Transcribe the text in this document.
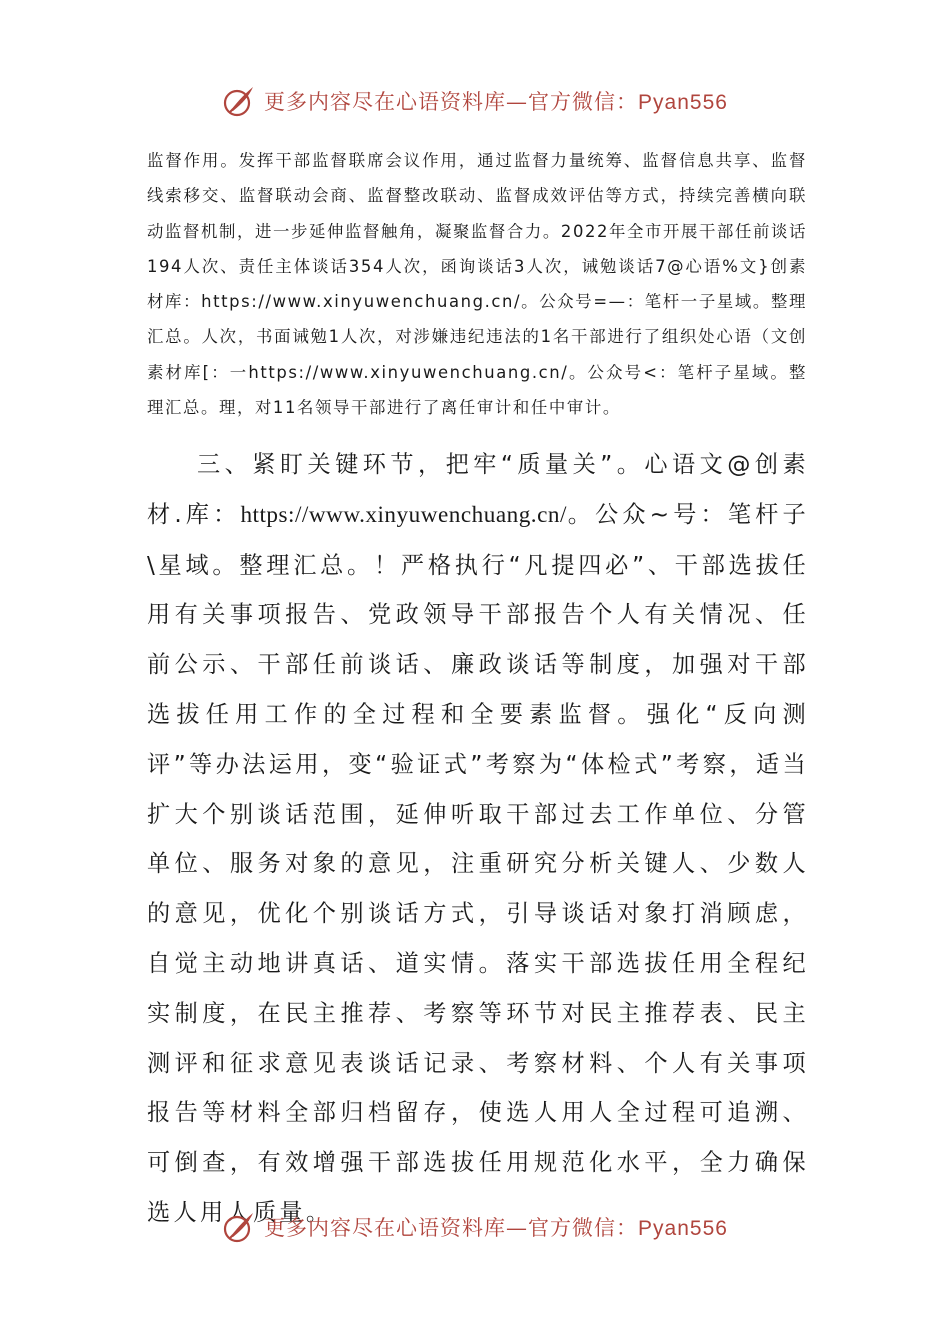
更多内容尽在心语资料库—官方微信：Pyan556

监督作用。发挥干部监督联席会议作用，通过监督力量统筹、监督信息共享、监督线索移交、监督联动会商、监督整改联动、监督成效评估等方式，持续完善横向联动监督机制，进一步延伸监督触角，凝聚监督合力。2022年全市开展干部任前谈话194人次、责任主体谈话354人次，函询谈话3人次，诫勉谈话7@心语%文}创素材库：https://www.xinyuwenchuang.cn/。公众号=—：笔杆一子星域。整理汇总。人次，书面诫勉1人次，对涉嫌违纪违法的1名干部进行了组织处心语（文创素材库[：一https://www.xinyuwenchuang.cn/。公众号<：笔杆子星域。整理汇总。理，对11名领导干部进行了离任审计和任中审计。

三、紧盯关键环节，把牢“质量关”。心语文@创素材.库：https://www.xinyuwenchuang.cn/。公众~号：笔杆子\星域。整理汇总。！严格执行“凡提四必”、干部选拔任用有关事项报告、党政领导干部报告个人有关情况、任前公示、干部任前谈话、廉政谈话等制度，加强对干部选拔任用工作的全过程和全要素监督。强化“反向测评”等办法运用，变“验证式”考察为“体检式”考察，适当扩大个别谈话范围，延伸听取干部过去工作单位、分管单位、服务对象的意见，注重研究分析关键人、少数人的意见，优化个别谈话方式，引导谈话对象打消顾虑，自觉主动地讲真话、道实情。落实干部选拔任用全程纪实制度，在民主推荐、考察等环节对民主推荐表、民主测评和征求意见表谈话记录、考察材料、个人有关事项报告等材料全部归档留存，使选人用人全过程可追溯、可倒查，有效增强干部选拔任用规范化水平，全力确保选人用人质量。

更多内容尽在心语资料库—官方微信：Pyan556
